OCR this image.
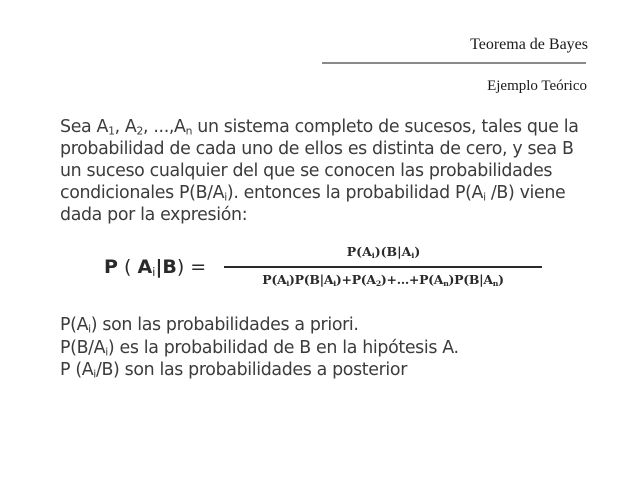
Teorema de Bayes
Ejemplo Teórico
Sea $A_1$, $A_2$, $...,A_n$ un sistema completo de sucesos, tales que la probabilidad de cada uno de ellos es distinta de cero, y sea B un suceso cualquier del que se conocen las probabilidades condicionales $P(B/A_i)$. entonces la probabilidad $P(A_i$ /B) viene dada por la expresión:
P ( $A_i|B$) =
$P(A_i)(B|A_i)$
$P(A_i)P(B|A_i)+P(A_2)+\dots+P(A_n)P(B|A_n)$
$P(A_i)$ son las probabilidades a priori.
$P(B/A_i)$ es la probabilidad de B en la hipótesis A.
P $(A_i/B)$ son las probabilidades a posterior
